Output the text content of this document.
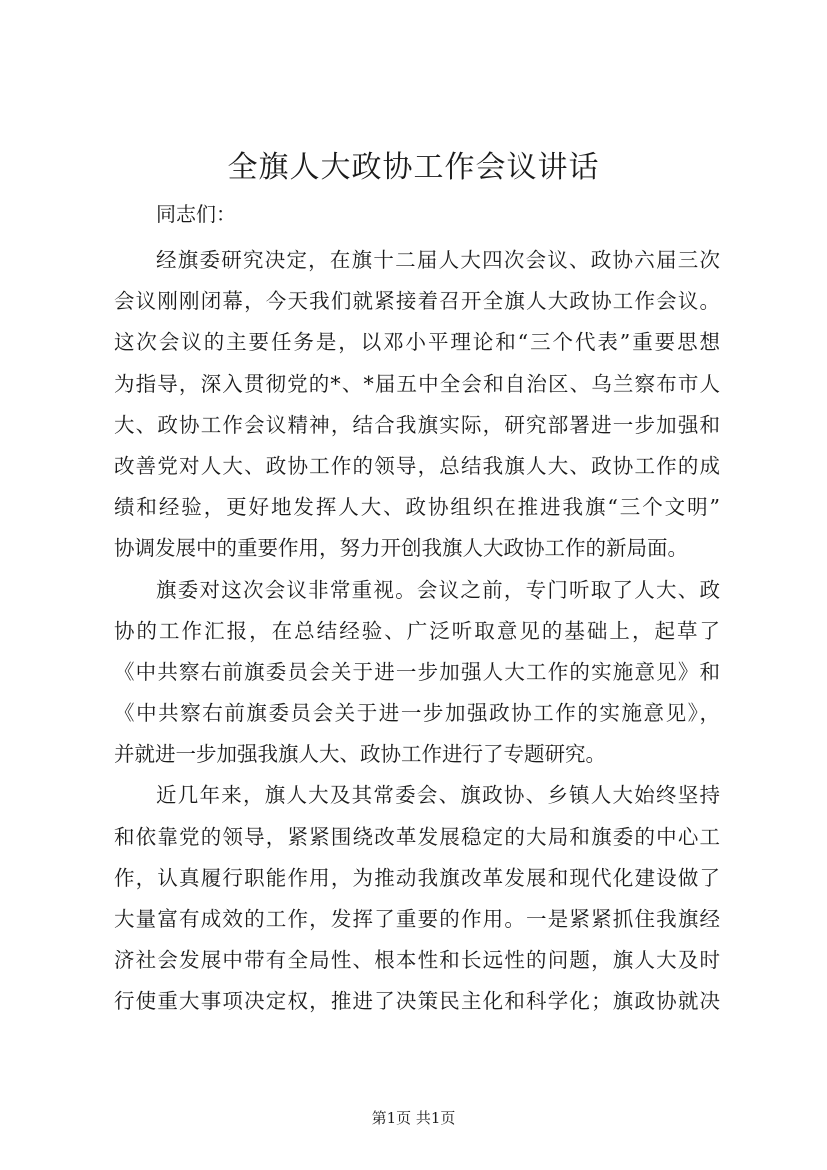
全旗人大政协工作会议讲话
同志们：
经旗委研究决定，在旗十二届人大四次会议、政协六届三次
会议刚刚闭幕，今天我们就紧接着召开全旗人大政协工作会议。
这次会议的主要任务是，以邓小平理论和“三个代表”重要思想
为指导，深入贯彻党的*、*届五中全会和自治区、乌兰察布市人
大、政协工作会议精神，结合我旗实际，研究部署进一步加强和
改善党对人大、政协工作的领导，总结我旗人大、政协工作的成
绩和经验，更好地发挥人大、政协组织在推进我旗“三个文明”
协调发展中的重要作用，努力开创我旗人大政协工作的新局面。
旗委对这次会议非常重视。会议之前，专门听取了人大、政
协的工作汇报，在总结经验、广泛听取意见的基础上，起草了
《中共察右前旗委员会关于进一步加强人大工作的实施意见》和
《中共察右前旗委员会关于进一步加强政协工作的实施意见》，
并就进一步加强我旗人大、政协工作进行了专题研究。
近几年来，旗人大及其常委会、旗政协、乡镇人大始终坚持
和依靠党的领导，紧紧围绕改革发展稳定的大局和旗委的中心工
作，认真履行职能作用，为推动我旗改革发展和现代化建设做了
大量富有成效的工作，发挥了重要的作用。一是紧紧抓住我旗经
济社会发展中带有全局性、根本性和长远性的问题，旗人大及时
行使重大事项决定权，推进了决策民主化和科学化；旗政协就决
第1页 共1页
